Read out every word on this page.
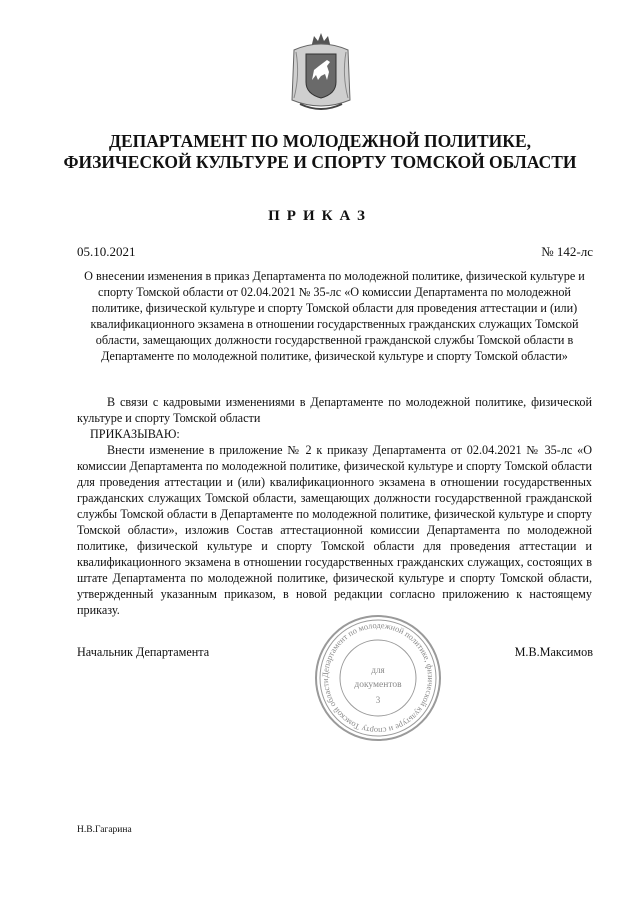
ДЕПАРТАМЕНТ ПО МОЛОДЕЖНОЙ ПОЛИТИКЕ,
ФИЗИЧЕСКОЙ КУЛЬТУРЕ И СПОРТУ ТОМСКОЙ ОБЛАСТИ
ПРИКАЗ
05.10.2021	№ 142-лс
О внесении изменения в приказ Департамента по молодежной политике, физической культуре и спорту Томской области от 02.04.2021 № 35-лс «О комиссии Департамента по молодежной политике, физической культуре и спорту Томской области для проведения аттестации и (или) квалификационного экзамена в отношении государственных гражданских служащих Томской области, замещающих должности государственной гражданской службы Томской области в Департаменте по молодежной политике, физической культуре и спорту Томской области»

В связи с кадровыми изменениями в Департаменте по молодежной политике, физической культуре и спорту Томской области

ПРИКАЗЫВАЮ:

Внести изменение в приложение № 2 к приказу Департамента от 02.04.2021 № 35-лс «О комиссии Департамента по молодежной политике, физической культуре и спорту Томской области для проведения аттестации и (или) квалификационного экзамена в отношении государственных гражданских служащих Томской области, замещающих должности государственной гражданской службы Томской области в Департаменте по молодежной политике, физической культуре и спорту Томской области», изложив Состав аттестационной комиссии Департамента по молодежной политике, физической культуре и спорту Томской области для проведения аттестации и квалификационного экзамена в отношении государственных гражданских служащих, состоящих в штате Департамента по молодежной политике, физической культуре и спорту Томской области, утвержденный указанным приказом, в новой редакции согласно приложению к настоящему приказу.

Начальник Департамента	М.В.Максимов
Департамент по молодежной политике, физической культуре и спорту Томской области
для
документов
3
Н.В.Гагарина
